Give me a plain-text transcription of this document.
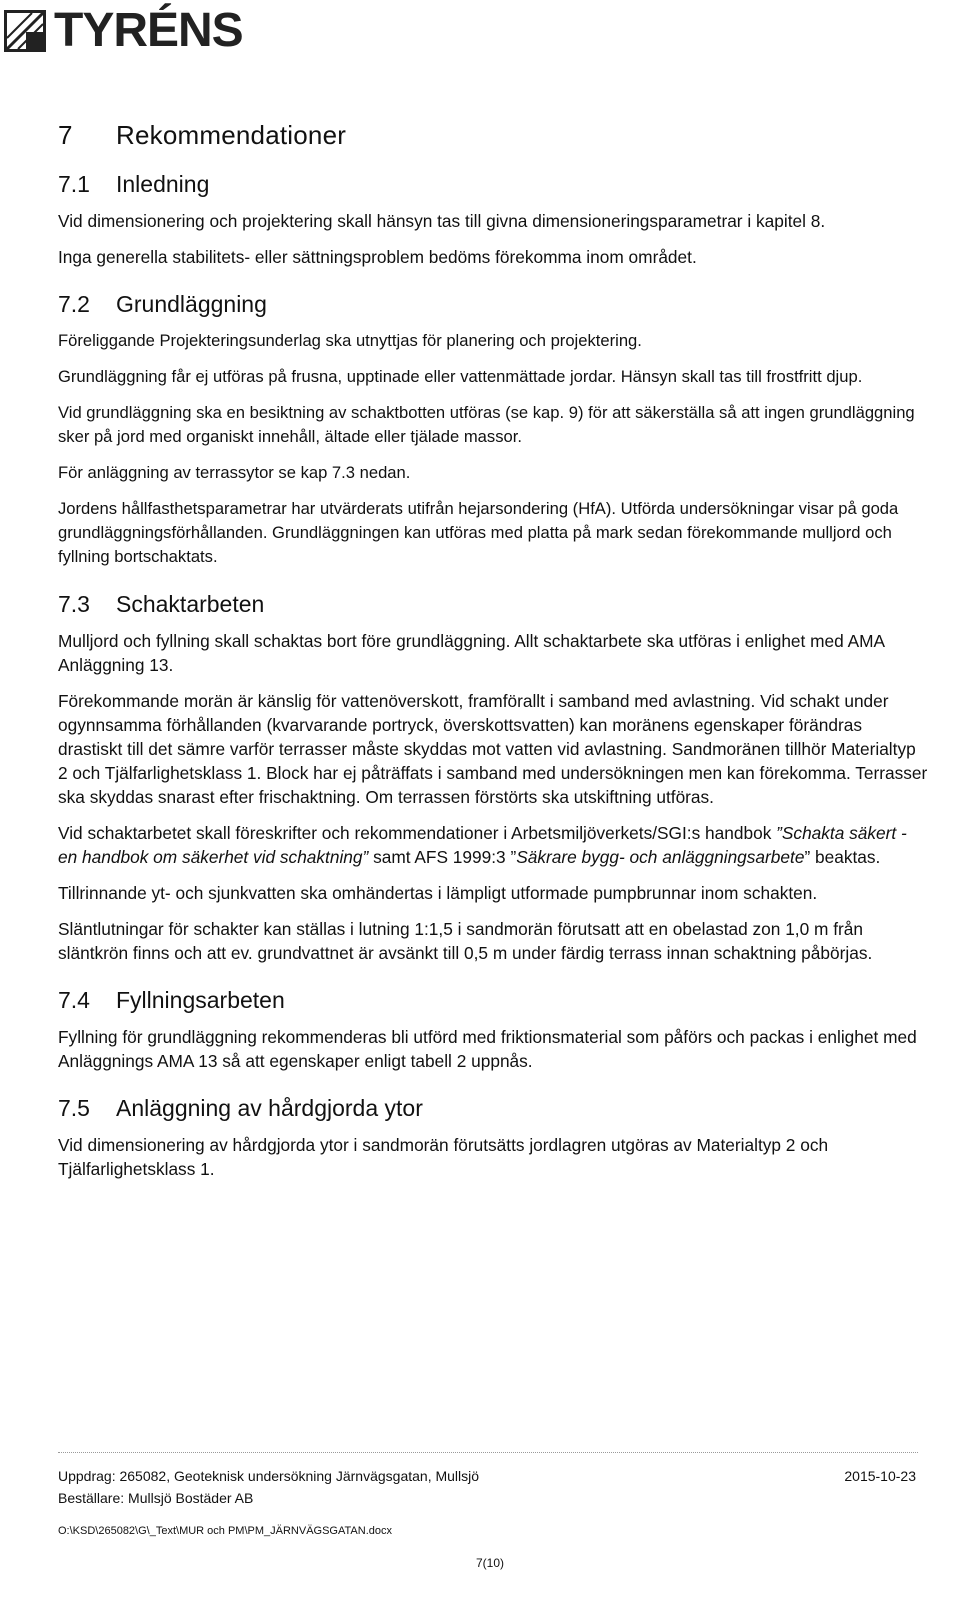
TYRÉNS
7	Rekommendationer
7.1	Inledning

Vid dimensionering och projektering skall hänsyn tas till givna dimensioneringsparametrar i kapitel 8.

Inga generella stabilitets- eller sättningsproblem bedöms förekomma inom området.

7.2	Grundläggning

Föreliggande Projekteringsunderlag ska utnyttjas för planering och projektering.

Grundläggning får ej utföras på frusna, upptinade eller vattenmättade jordar. Hänsyn skall tas till frostfritt djup.

Vid grundläggning ska en besiktning av schaktbotten utföras (se kap. 9) för att säkerställa så att ingen grundläggning sker på jord med organiskt innehåll, ältade eller tjälade massor.

För anläggning av terrassytor se kap 7.3 nedan.

Jordens hållfasthetsparametrar har utvärderats utifrån hejarsondering (HfA). Utförda undersökningar visar på goda grundläggningsförhållanden. Grundläggningen kan utföras med platta på mark sedan förekommande mulljord och fyllning bortschaktats.

7.3	Schaktarbeten

Mulljord och fyllning skall schaktas bort före grundläggning. Allt schaktarbete ska utföras i enlighet med AMA Anläggning 13.

Förekommande morän är känslig för vattenöverskott, framförallt i samband med avlastning. Vid schakt under ogynnsamma förhållanden (kvarvarande portryck, överskottsvatten) kan moränens egenskaper förändras drastiskt till det sämre varför terrasser måste skyddas mot vatten vid avlastning. Sandmoränen tillhör Materialtyp 2 och Tjälfarlighetsklass 1. Block har ej påträffats i samband med undersökningen men kan förekomma. Terrasser ska skyddas snarast efter frischaktning. Om terrassen förstörts ska utskiftning utföras.

Vid schaktarbetet skall föreskrifter och rekommendationer i Arbetsmiljöverkets/SGI:s handbok ”Schakta säkert - en handbok om säkerhet vid schaktning” samt AFS 1999:3 ”Säkrare bygg- och anläggningsarbete” beaktas.

Tillrinnande yt- och sjunkvatten ska omhändertas i lämpligt utformade pumpbrunnar inom schakten.

Släntlutningar för schakter kan ställas i lutning 1:1,5 i sandmorän förutsatt att en obelastad zon 1,0 m från släntkrön finns och att ev. grundvattnet är avsänkt till 0,5 m under färdig terrass innan schaktning påbörjas.

7.4	Fyllningsarbeten

Fyllning för grundläggning rekommenderas bli utförd med friktionsmaterial som påförs och packas i enlighet med Anläggnings AMA 13 så att egenskaper enligt tabell 2 uppnås.

7.5	Anläggning av hårdgjorda ytor

Vid dimensionering av hårdgjorda ytor i sandmorän förutsätts jordlagren utgöras av Materialtyp 2 och Tjälfarlighetsklass 1.

Uppdrag: 265082, Geoteknisk undersökning Järnvägsgatan, Mullsjö	2015-10-23
Beställare: Mullsjö Bostäder AB
O:\KSD\265082\G\_Text\MUR och PM\PM_JÄRNVÄGSGATAN.docx
7(10)
